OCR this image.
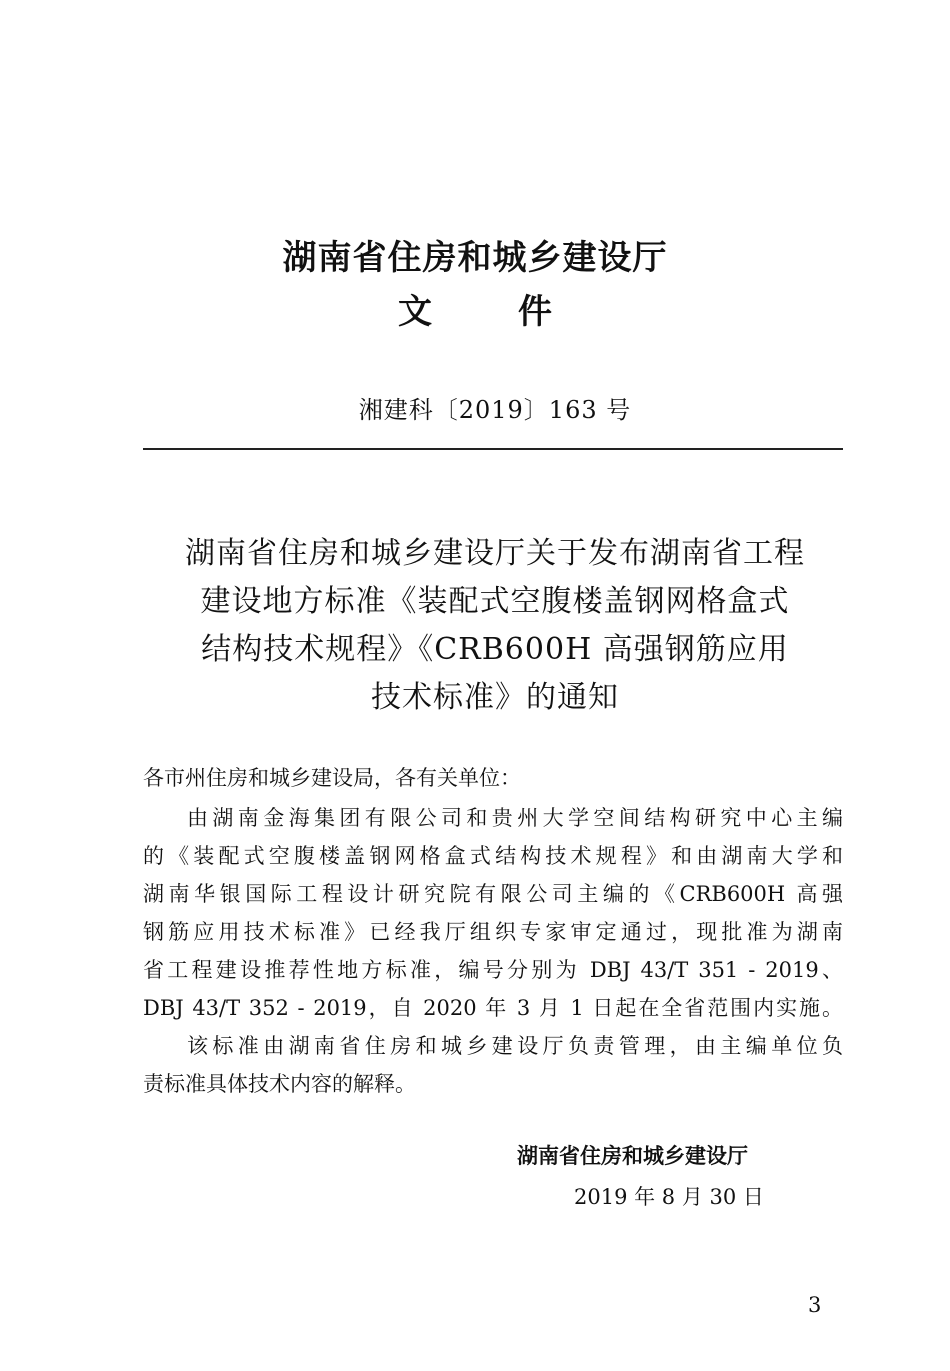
湖南省住房和城乡建设厅
文	件
湘建科〔2019〕163 号
湖南省住房和城乡建设厅关于发布湖南省工程
建设地方标准《装配式空腹楼盖钢网格盒式
结构技术规程》《CRB600H 高强钢筋应用
技术标准》的通知
各市州住房和城乡建设局，各有关单位：
由湖南金海集团有限公司和贵州大学空间结构研究中心主编
的《装配式空腹楼盖钢网格盒式结构技术规程》和由湖南大学和
湖南华银国际工程设计研究院有限公司主编的《CRB600H 高强
钢筋应用技术标准》已经我厅组织专家审定通过，现批准为湖南
省工程建设推荐性地方标准，编号分别为 DBJ 43/T 351 - 2019、
DBJ 43/T 352 - 2019，自 2020 年 3 月 1 日起在全省范围内实施。
该标准由湖南省住房和城乡建设厅负责管理，由主编单位负
责标准具体技术内容的解释。
湖南省住房和城乡建设厅
2019 年 8 月 30 日
3
